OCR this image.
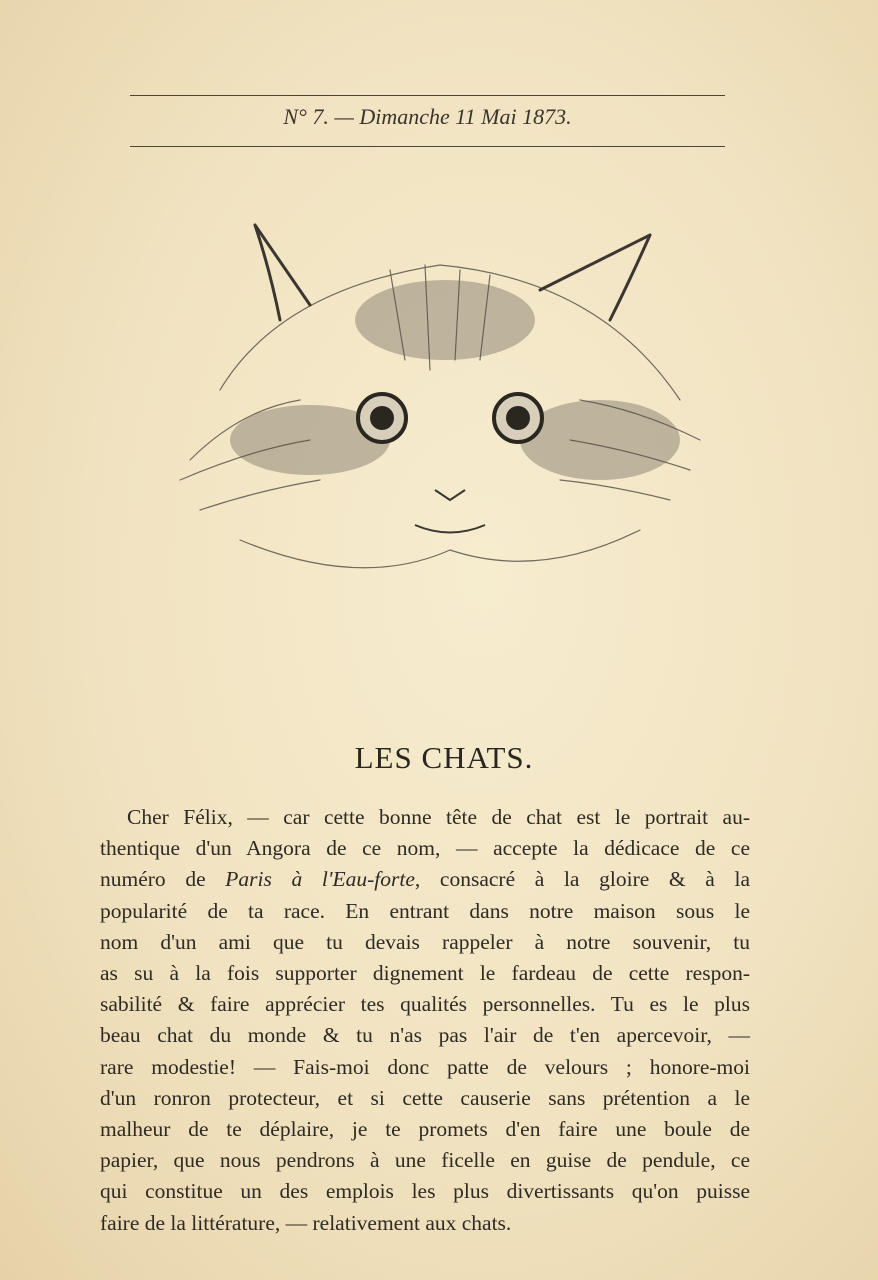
N° 7. — Dimanche 11 Mai 1873.
LES CHATS.
Cher Félix, — car cette bonne tête de chat est le portrait au-
thentique d'un Angora de ce nom, — accepte la dédicace de ce
numéro de Paris à l'Eau-forte, consacré à la gloire & à la
popularité de ta race. En entrant dans notre maison sous le
nom d'un ami que tu devais rappeler à notre souvenir, tu
as su à la fois supporter dignement le fardeau de cette respon-
sabilité & faire apprécier tes qualités personnelles. Tu es le plus
beau chat du monde & tu n'as pas l'air de t'en apercevoir, —
rare modestie! — Fais-moi donc patte de velours ; honore-moi
d'un ronron protecteur, et si cette causerie sans prétention a le
malheur de te déplaire, je te promets d'en faire une boule de
papier, que nous pendrons à une ficelle en guise de pendule, ce
qui constitue un des emplois les plus divertissants qu'on puisse
faire de la littérature, — relativement aux chats.
